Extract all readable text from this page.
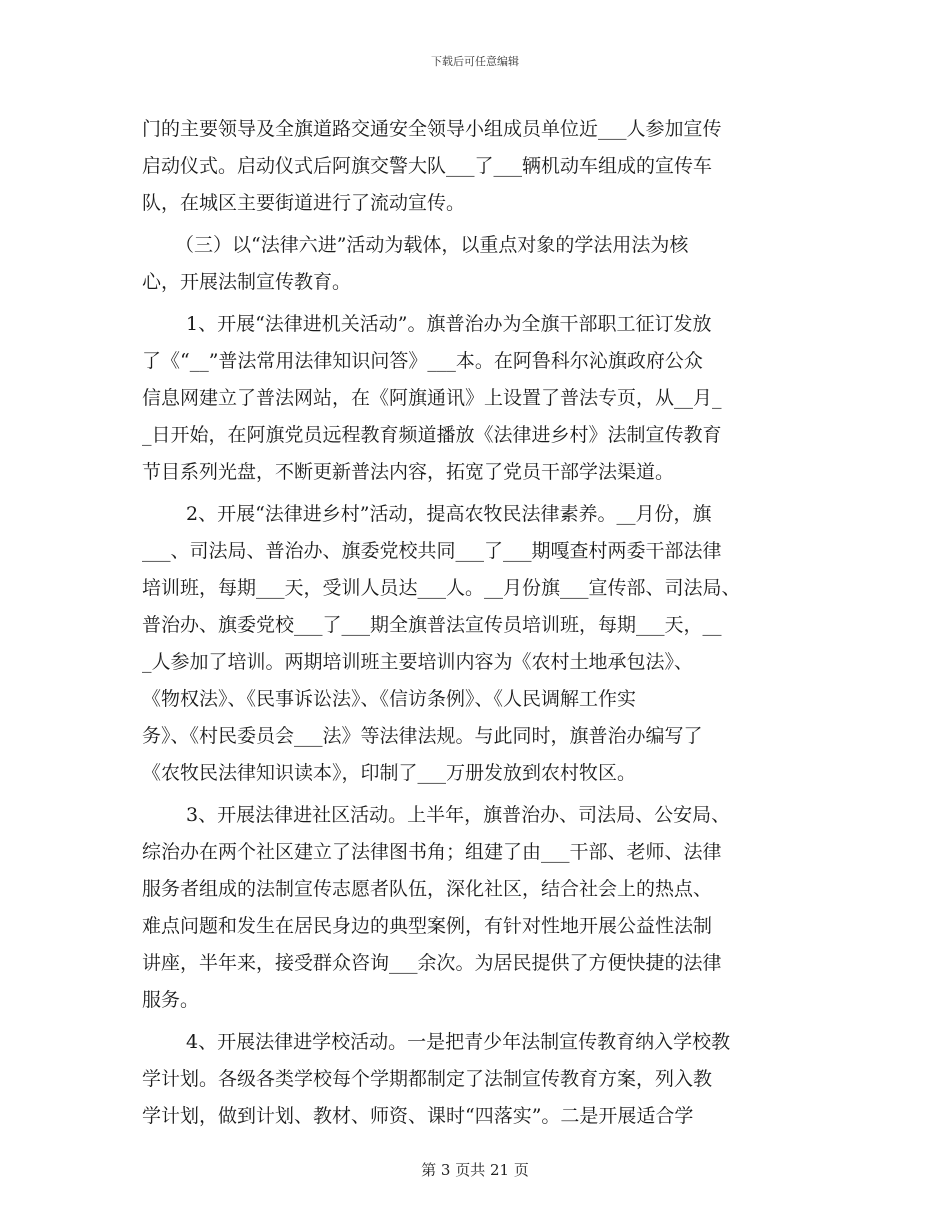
下载后可任意编辑
门的主要领导及全旗道路交通安全领导小组成员单位近___人参加宣传
启动仪式。启动仪式后阿旗交警大队___了___辆机动车组成的宣传车
队，在城区主要街道进行了流动宣传。
（三）以“法律六进”活动为载体，以重点对象的学法用法为核
心，开展法制宣传教育。
1、开展“法律进机关活动”。旗普治办为全旗干部职工征订发放
了《“__”普法常用法律知识问答》___本。在阿鲁科尔沁旗政府公众
信息网建立了普法网站，在《阿旗通讯》上设置了普法专页，从__月_
_日开始，在阿旗党员远程教育频道播放《法律进乡村》法制宣传教育
节目系列光盘，不断更新普法内容，拓宽了党员干部学法渠道。
2、开展“法律进乡村”活动，提高农牧民法律素养。__月份，旗
___、司法局、普治办、旗委党校共同___了___期嘎查村两委干部法律
培训班，每期___天，受训人员达___人。__月份旗___宣传部、司法局、
普治办、旗委党校___了___期全旗普法宣传员培训班，每期___天，__
_人参加了培训。两期培训班主要培训内容为《农村土地承包法》、
《物权法》、《民事诉讼法》、《信访条例》、《人民调解工作实
务》、《村民委员会___法》等法律法规。与此同时，旗普治办编写了
《农牧民法律知识读本》，印制了___万册发放到农村牧区。
3、开展法律进社区活动。上半年，旗普治办、司法局、公安局、
综治办在两个社区建立了法律图书角；组建了由___干部、老师、法律
服务者组成的法制宣传志愿者队伍，深化社区，结合社会上的热点、
难点问题和发生在居民身边的典型案例，有针对性地开展公益性法制
讲座，半年来，接受群众咨询___余次。为居民提供了方便快捷的法律
服务。
4、开展法律进学校活动。一是把青少年法制宣传教育纳入学校教
学计划。各级各类学校每个学期都制定了法制宣传教育方案，列入教
学计划，做到计划、教材、师资、课时“四落实”。二是开展适合学
第 3 页共 21 页
